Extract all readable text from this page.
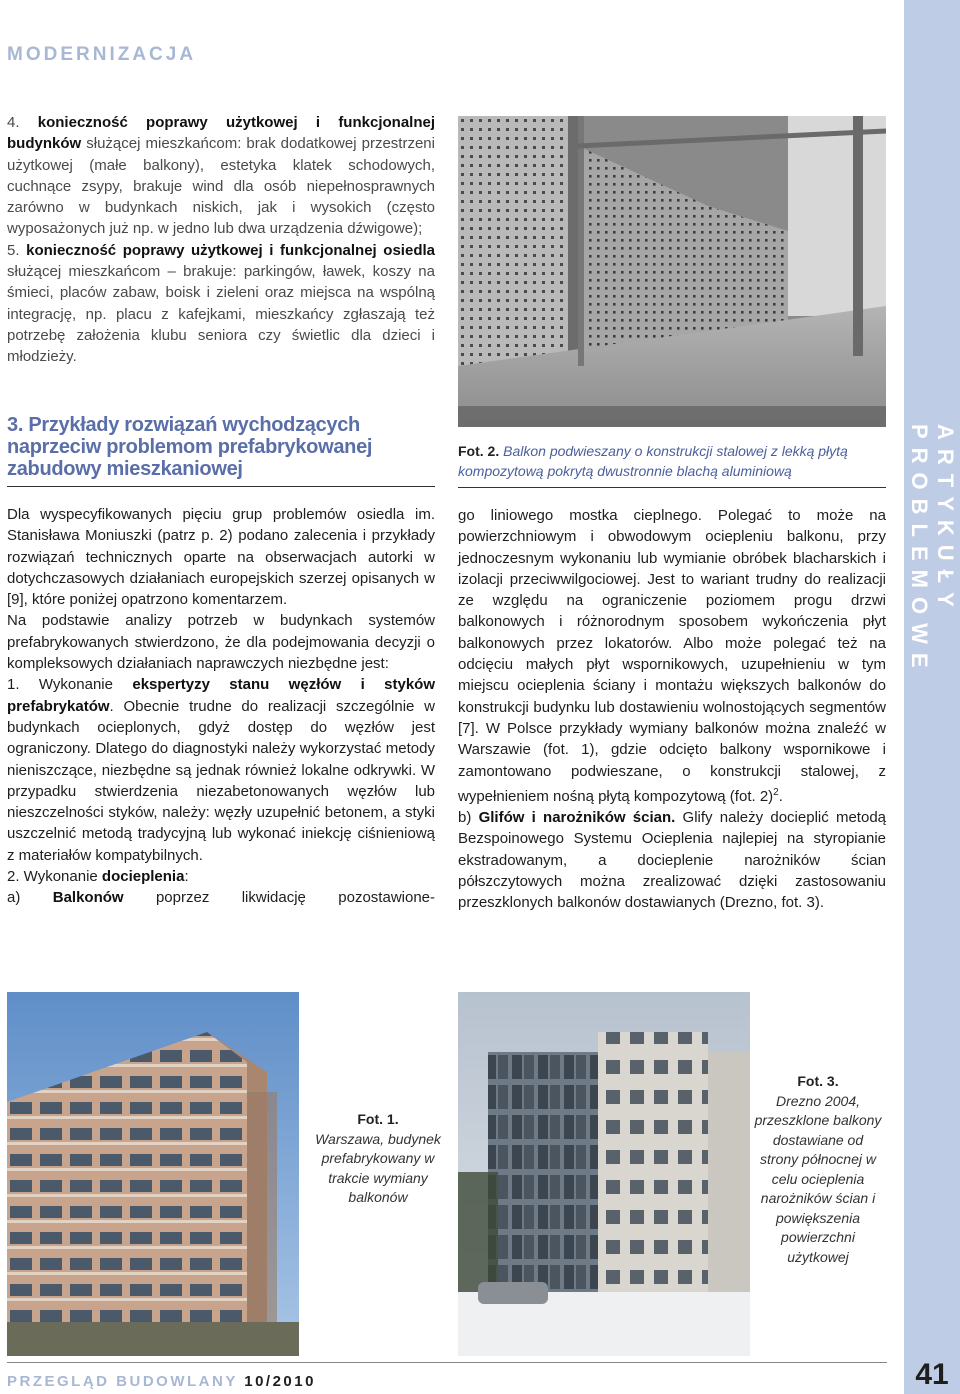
MODERNIZACJA
ARTYKUŁY PROBLEMOWE

4. konieczność poprawy użytkowej i funkcjonalnej budynków służącej mieszkańcom: brak dodatkowej przestrzeni użytkowej (małe balkony), estetyka klatek schodowych, cuchnące zsypy, brakuje wind dla osób niepełnosprawnych zarówno w budynkach niskich, jak i wysokich (często wyposażonych już np. w jedno lub dwa urządzenia dźwigowe);

5. konieczność poprawy użytkowej i funkcjonalnej osiedla służącej mieszkańcom – brakuje: parkingów, ławek, koszy na śmieci, placów zabaw, boisk i zieleni oraz miejsca na wspólną integrację, np. placu z kafejkami, mieszkańcy zgłaszają też potrzebę założenia klubu seniora czy świetlic dla dzieci i młodzieży.

3. Przykłady rozwiązań wychodzących naprzeciw problemom prefabrykowanej zabudowy mieszkaniowej

Dla wyspecyfikowanych pięciu grup problemów osiedla im. Stanisława Moniuszki (patrz p. 2) podano zalecenia i przykłady rozwiązań technicznych oparte na obserwacjach autorki w dotychczasowych działaniach europejskich szerzej opisanych w [9], które poniżej opatrzono komentarzem.

Na podstawie analizy potrzeb w budynkach systemów prefabrykowanych stwierdzono, że dla podejmowania decyzji o kompleksowych działaniach naprawczych niezbędne jest:

1. Wykonanie ekspertyzy stanu węzłów i styków prefabrykatów. Obecnie trudne do realizacji szczególnie w budynkach ocieplonych, gdyż dostęp do węzłów jest ograniczony. Dlatego do diagnostyki należy wykorzystać metody nieniszczące, niezbędne są jednak również lokalne odkrywki. W przypadku stwierdzenia niezabetonowanych węzłów lub nieszczelności styków, należy: węzły uzupełnić betonem, a styki uszczelnić metodą tradycyjną lub wykonać iniekcję ciśnieniową z materiałów kompatybilnych.

2. Wykonanie docieplenia:

a) Balkonów poprzez likwidację pozostawione-

Fot. 2. Balkon podwieszany o konstrukcji stalowej z lekką płytą kompozytową pokrytą dwustronnie blachą aluminiową

go liniowego mostka cieplnego. Polegać to może na powierzchniowym i obwodowym ociepleniu balkonu, przy jednoczesnym wykonaniu lub wymianie obróbek blacharskich i izolacji przeciwwilgociowej. Jest to wariant trudny do realizacji ze względu na ograniczenie poziomem progu drzwi balkonowych i różnorodnym sposobem wykończenia płyt balkonowych przez lokatorów. Albo może polegać też na odcięciu małych płyt wspornikowych, uzupełnieniu w tym miejscu ocieplenia ściany i montażu większych balkonów do konstrukcji budynku lub dostawieniu wolnostojących segmentów [7]. W Polsce przykłady wymiany balkonów można znaleźć w Warszawie (fot. 1), gdzie odcięto balkony wspornikowe i zamontowano podwieszane, o konstrukcji stalowej, z wypełnieniem nośną płytą kompozytową (fot. 2)$^2$.

b) Glifów i narożników ścian. Glify należy docieplić metodą Bezspoinowego Systemu Ocieplenia najlepiej na styropianie ekstradowanym, a docieplenie narożników ścian półszczytowych można zrealizować dzięki zastosowaniu przeszklonych balkonów dostawianych (Drezno, fot. 3).

Fot. 1.
Warszawa, budynek prefabrykowany w trakcie wymiany balkonów
Fot. 3.
Drezno 2004, przeszklone balkony dostawiane od strony północnej w celu ocieplenia narożników ścian i powiększenia powierzchni użytkowej
PRZEGLĄD BUDOWLANY 10/2010	41
